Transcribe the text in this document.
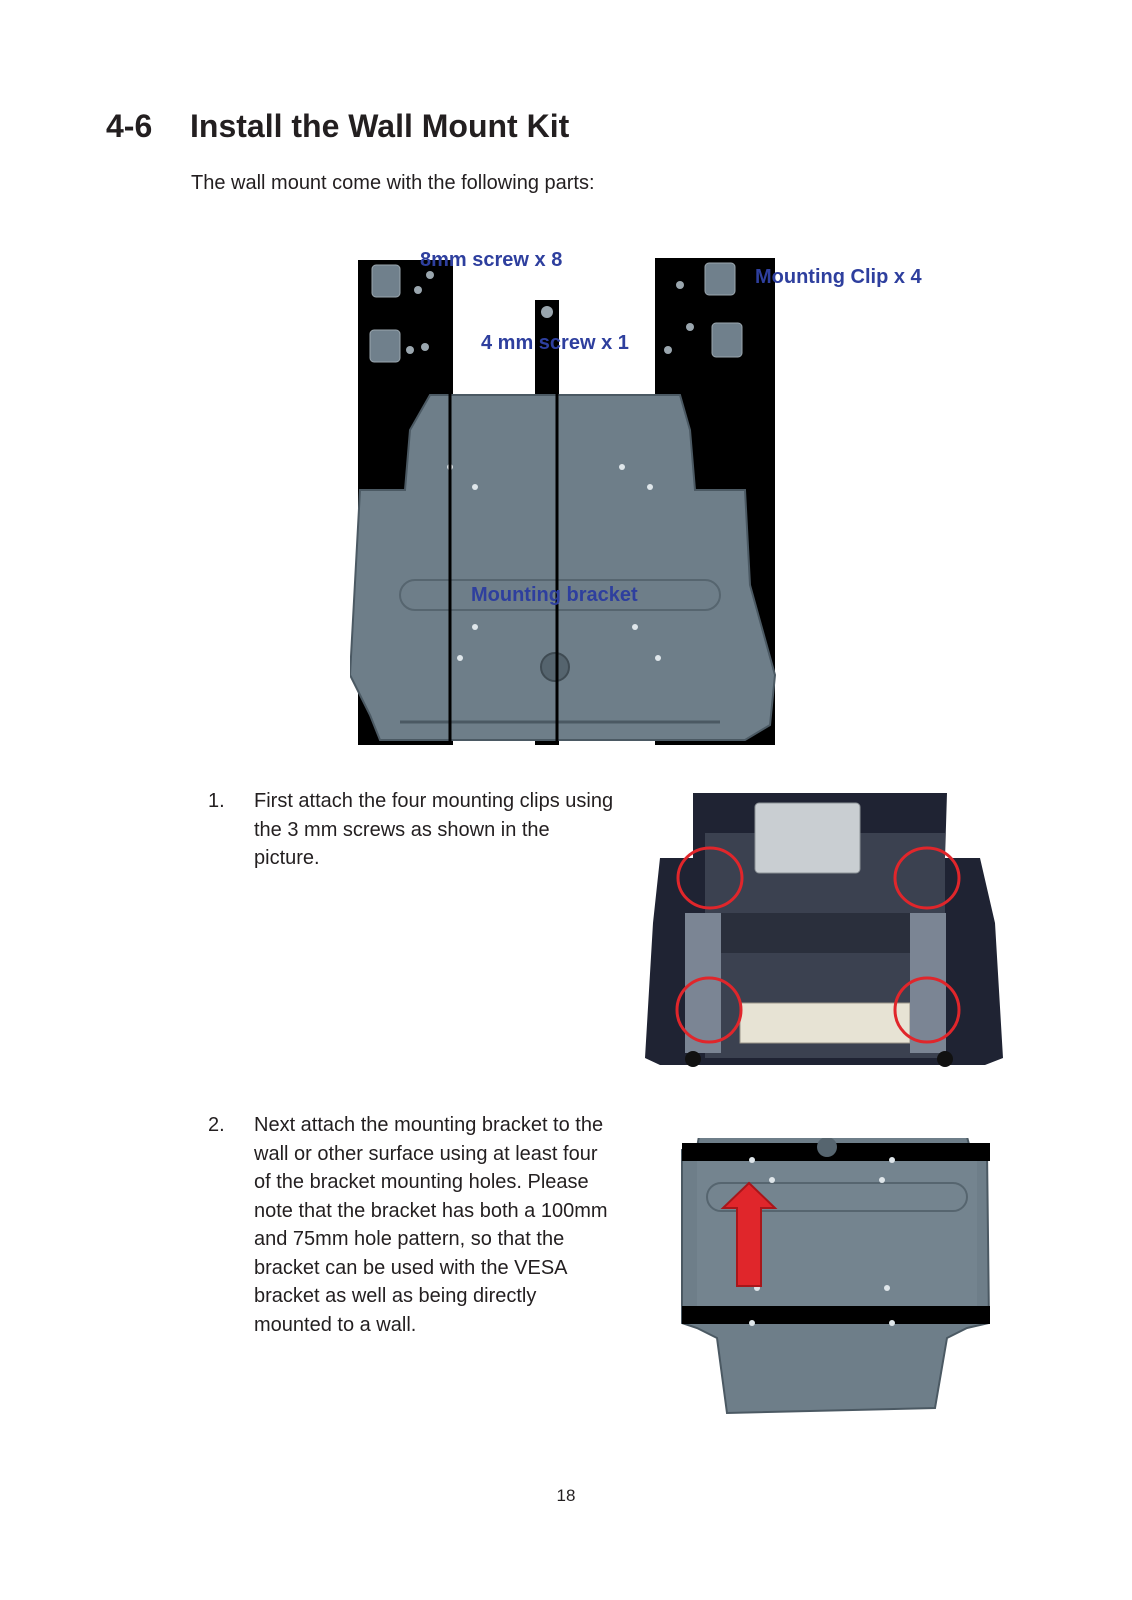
4-6 Install the Wall Mount Kit
The wall mount come with the following parts:
8mm screw x 8
Mounting Clip x 4
4 mm screw x 1
Mounting bracket
1. First attach the four mounting clips using the 3 mm screws as shown in the picture.
2. Next attach the mounting bracket to the wall or other surface using at least four of the bracket mounting holes. Please note that the bracket has both a 100mm and 75mm hole pattern, so that the bracket can be used with the VESA bracket as well as being directly mounted to a wall.
18
